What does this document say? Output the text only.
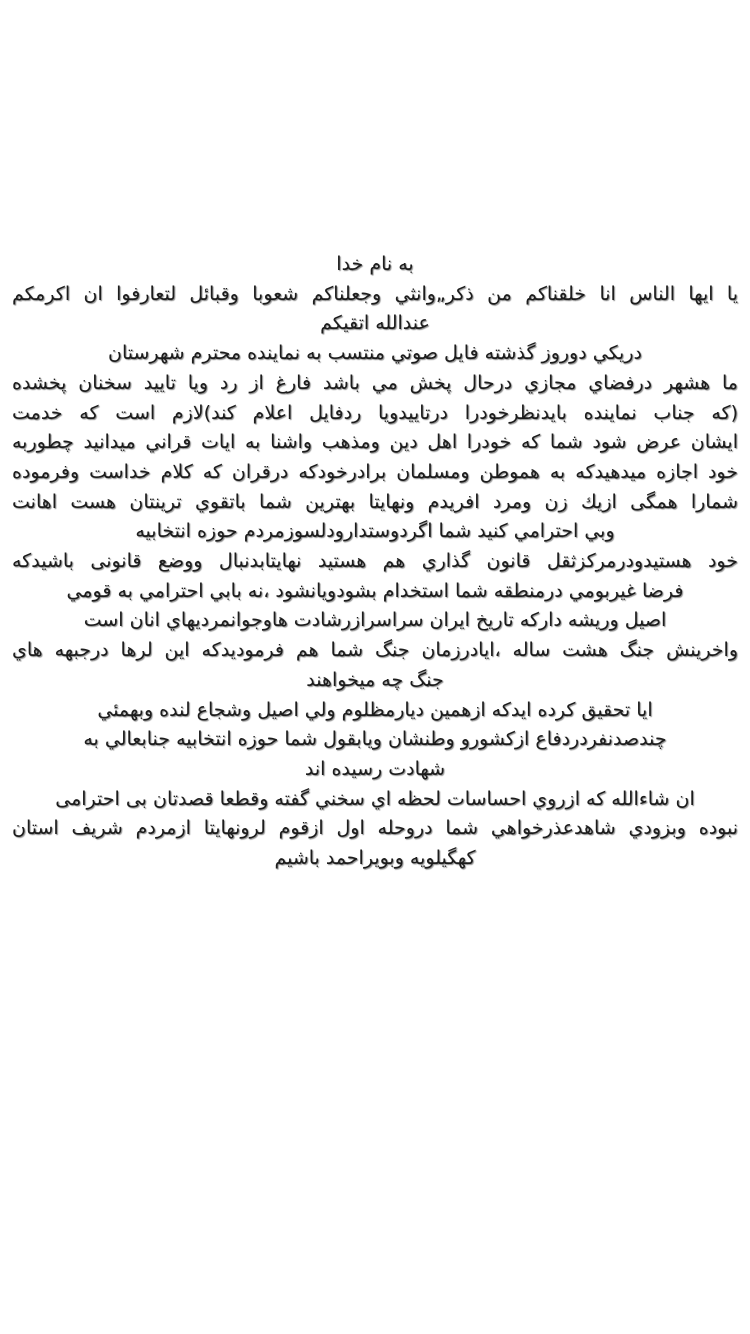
به نام خدا
يا ايها الناس انا خلقناكم من ذكر„وانثي وجعلناكم شعوبا وقبائل لتعارفوا ان اكرمكم
عندالله اتقيكم
دريكي دوروز گذشته فايل صوتي منتسب به نماينده محترم شهرستان
ما هشهر درفضاي مجازي درحال پخش مي باشد فارغ از رد ويا تاييد سخنان پخشده
(كه جناب نماينده بايدنظرخودرا درتاييدويا ردفايل اعلام كند)لازم است كه خدمت
ايشان عرض شود شما كه خودرا اهل دين ومذهب واشنا به ايات قراني ميدانيد چطوربه
خود اجازه ميدهيدكه به هموطن ومسلمان برادرخودكه درقران كه كلام خداست وفرموده
شمارا همگی ازيك زن ومرد افريدم ونهايتا بهترين شما باتقوي ترينتان هست اهانت
وبي احترامي كنيد شما اگردوستدارودلسوزمردم حوزه انتخابيه
خود هستيدودرمركزثقل قانون گذاري هم هستيد نهايتابدنبال ووضع قانونی باشيدكه
فرضا غيربومي درمنطقه شما استخدام بشودويانشود ،نه بابي احترامي به قومي
اصيل وريشه داركه تاريخ ايران سراسرازرشادت هاوجوانمرديهاي انان است
واخرينش جنگ هشت ساله ،ايادرزمان جنگ شما هم فرموديدكه اين لرها درجبهه هاي
جنگ چه ميخواهند
ايا تحقيق كرده ايدكه ازهمين ديارمظلوم ولي اصيل وشجاع لنده وبهمئي
چندصدنفردردفاع ازكشورو وطنشان ويابقول شما حوزه انتخابيه جنابعالي به
شهادت رسيده اند
ان شاءالله كه ازروي احساسات لحظه اي سخني گفته وقطعا قصدتان بی احترامی
نبوده وبزودي شاهدعذرخواهي شما دروحله اول ازقوم لرونهايتا ازمردم شريف استان
كهگيلويه وبويراحمد باشيم
